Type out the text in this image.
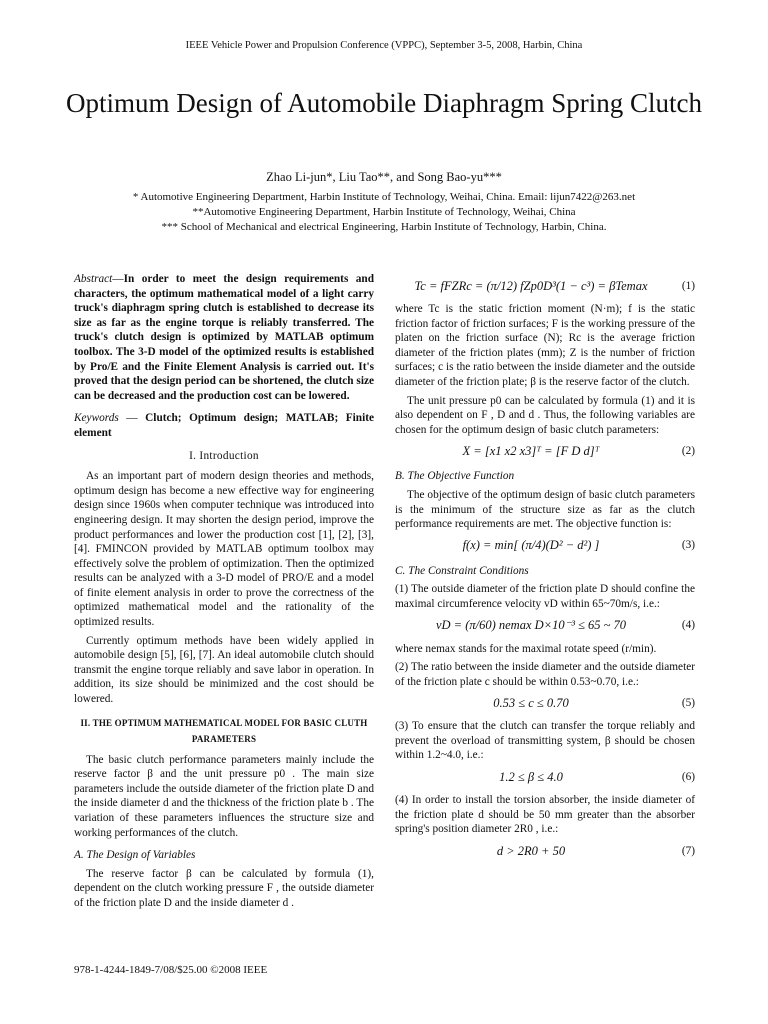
IEEE Vehicle Power and Propulsion Conference (VPPC), September 3-5, 2008, Harbin, China
Optimum Design of Automobile Diaphragm Spring Clutch
Zhao Li-jun*, Liu Tao**, and Song Bao-yu***
* Automotive Engineering Department, Harbin Institute of Technology, Weihai, China. Email: lijun7422@263.net
**Automotive Engineering Department, Harbin Institute of Technology, Weihai, China
*** School of Mechanical and electrical Engineering, Harbin Institute of Technology, Harbin, China.

Abstract—In order to meet the design requirements and characters, the optimum mathematical model of a light carry truck's diaphragm spring clutch is established to decrease its size as far as the engine torque is reliably transferred. The truck's clutch design is optimized by MATLAB optimum toolbox. The 3-D model of the optimized results is established by Pro/E and the Finite Element Analysis is carried out. It's proved that the design period can be shortened, the clutch size can be decreased and the production cost can be lowered.

Keywords — Clutch; Optimum design; MATLAB; Finite element

I. Introduction

As an important part of modern design theories and methods, optimum design has become a new effective way for engineering design since 1960s when computer technique was introduced into engineering design. It may shorten the design period, improve the product performances and lower the production cost [1], [2], [3], [4]. FMINCON provided by MATLAB optimum toolbox may effectively solve the problem of optimization. Then the optimized results can be analyzed with a 3-D model of PRO/E and a model of finite element analysis in order to prove the correctness of the optimized mathematical model and the rationality of the optimized results.

Currently optimum methods have been widely applied in automobile design [5], [6], [7]. An ideal automobile clutch should transmit the engine torque reliably and save labor in operation. In addition, its size should be minimized and the cost should be lowered.

II. THE OPTIMUM MATHEMATICAL MODEL FOR BASIC CLUTH PARAMETERS

The basic clutch performance parameters mainly include the reserve factor β and the unit pressure p0 . The main size parameters include the outside diameter of the friction plate D and the inside diameter d and the thickness of the friction plate b . The variation of these parameters influences the structure size and working performances of the clutch.

A. The Design of Variables

The reserve factor β can be calculated by formula (1), dependent on the clutch working pressure F , the outside diameter of the friction plate D and the inside diameter d .

Tc = fFZRc = (π/12) fZp0D³(1 − c³) = βTemax	(1)

where Tc is the static friction moment (N·m); f is the static friction factor of friction surfaces; F is the working pressure of the platen on the friction surface (N); Rc is the average friction diameter of the friction plates (mm); Z is the number of friction surfaces; c is the ratio between the inside diameter and the outside diameter of the friction plate; β is the reserve factor of the clutch.

The unit pressure p0 can be calculated by formula (1) and it is also dependent on F , D and d . Thus, the following variables are chosen for the optimum design of basic clutch parameters:

X = [x1 x2 x3]ᵀ = [F D d]ᵀ	(2)
B. The Objective Function

The objective of the optimum design of basic clutch parameters is the minimum of the structure size as far as the clutch performance requirements are met. The objective function is:

f(x) = min[ (π/4)(D² − d²) ]	(3)
C. The Constraint Conditions

(1) The outside diameter of the friction plate D should confine the maximal circumference velocity vD within 65~70m/s, i.e.:

vD = (π/60) nemax D×10⁻³ ≤ 65 ~ 70	(4)

where nemax stands for the maximal rotate speed (r/min).

(2) The ratio between the inside diameter and the outside diameter of the friction plate c should be within 0.53~0.70, i.e.:

0.53 ≤ c ≤ 0.70	(5)

(3) To ensure that the clutch can transfer the torque reliably and prevent the overload of transmitting system, β should be chosen within 1.2~4.0, i.e.:

1.2 ≤ β ≤ 4.0	(6)

(4) In order to install the torsion absorber, the inside diameter of the friction plate d should be 50 mm greater than the absorber spring's position diameter 2R0 , i.e.:

d > 2R0 + 50	(7)
978-1-4244-1849-7/08/$25.00 ©2008 IEEE
